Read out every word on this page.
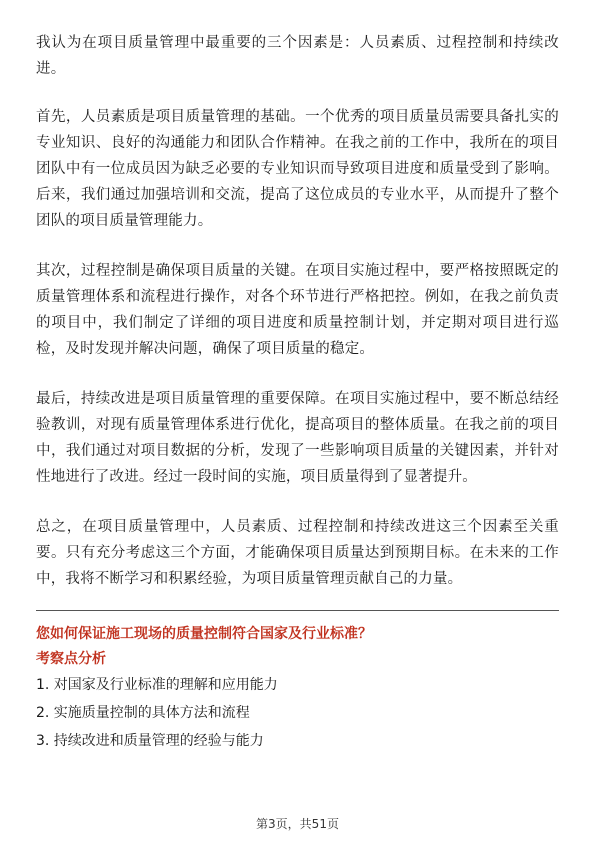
我认为在项目质量管理中最重要的三个因素是：人员素质、过程控制和持续改进。

首先，人员素质是项目质量管理的基础。一个优秀的项目质量员需要具备扎实的专业知识、良好的沟通能力和团队合作精神。在我之前的工作中，我所在的项目团队中有一位成员因为缺乏必要的专业知识而导致项目进度和质量受到了影响。后来，我们通过加强培训和交流，提高了这位成员的专业水平，从而提升了整个团队的项目质量管理能力。

其次，过程控制是确保项目质量的关键。在项目实施过程中，要严格按照既定的质量管理体系和流程进行操作，对各个环节进行严格把控。例如，在我之前负责的项目中，我们制定了详细的项目进度和质量控制计划，并定期对项目进行巡检，及时发现并解决问题，确保了项目质量的稳定。

最后，持续改进是项目质量管理的重要保障。在项目实施过程中，要不断总结经验教训，对现有质量管理体系进行优化，提高项目的整体质量。在我之前的项目中，我们通过对项目数据的分析，发现了一些影响项目质量的关键因素，并针对性地进行了改进。经过一段时间的实施，项目质量得到了显著提升。

总之，在项目质量管理中，人员素质、过程控制和持续改进这三个因素至关重要。只有充分考虑这三个方面，才能确保项目质量达到预期目标。在未来的工作中，我将不断学习和积累经验，为项目质量管理贡献自己的力量。

您如何保证施工现场的质量控制符合国家及行业标准？

考察点分析

1. 对国家及行业标准的理解和应用能力

2. 实施质量控制的具体方法和流程

3. 持续改进和质量管理的经验与能力

第3页，共51页
